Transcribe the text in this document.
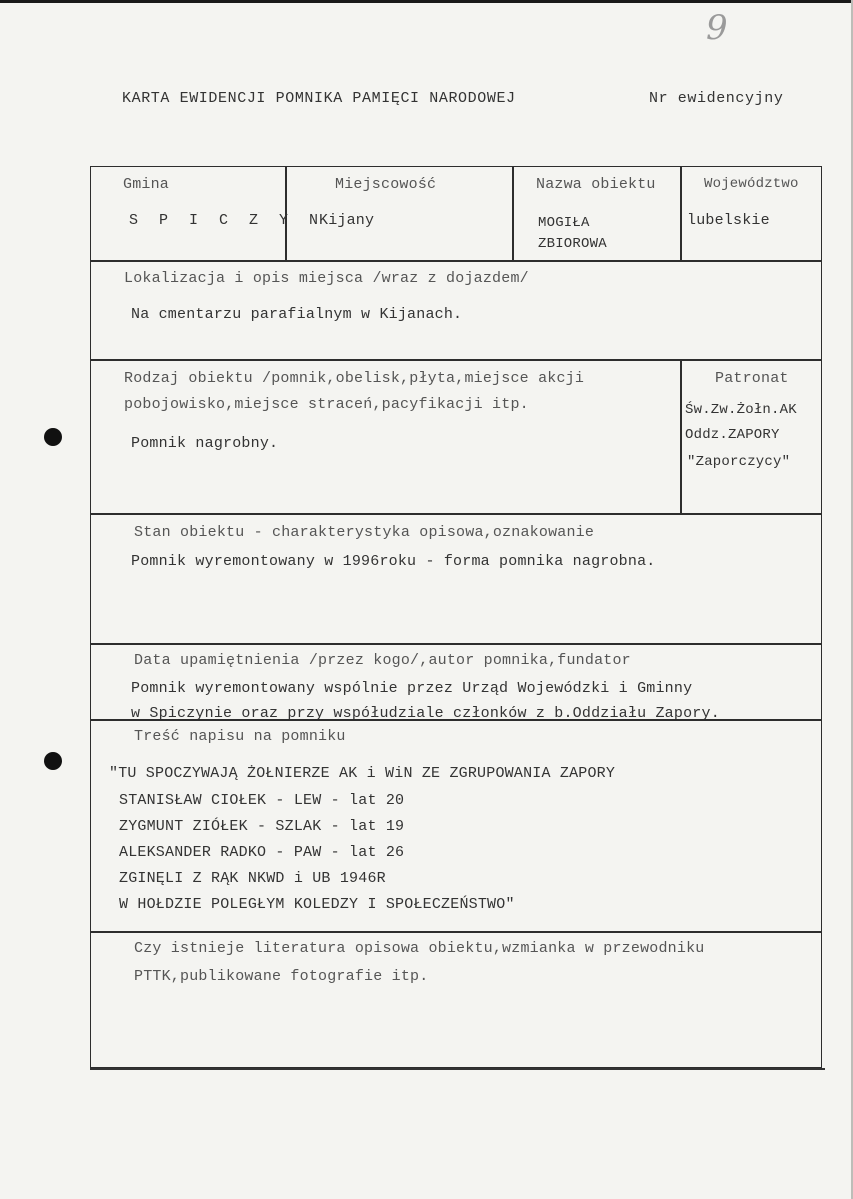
9
KARTA EWIDENCJI POMNIKA PAMIĘCI NARODOWEJ	Nr ewidencyjny
Gmina
S P I C Z Y N
Miejscowość
Kijany
Nazwa obiektu
MOGIŁA
ZBIOROWA
Województwo
lubelskie
Lokalizacja i opis miejsca /wraz z dojazdem/
Na cmentarzu parafialnym w Kijanach.
Rodzaj obiektu /pomnik,obelisk,płyta,miejsce akcji
pobojowisko,miejsce straceń,pacyfikacji itp.
Pomnik nagrobny.
Patronat
Św.Zw.Żołn.AK
Oddz.ZAPORY
"Zaporczycy"
Stan obiektu - charakterystyka opisowa,oznakowanie
Pomnik wyremontowany w 1996roku - forma pomnika nagrobna.
Data upamiętnienia /przez kogo/,autor pomnika,fundator
Pomnik wyremontowany wspólnie przez Urząd Wojewódzki i Gminny
w Spiczynie oraz przy współudziale członków z b.Oddziału Zapory.
Treść napisu na pomniku
"TU SPOCZYWAJĄ ŻOŁNIERZE AK i WiN ZE ZGRUPOWANIA ZAPORY
STANISŁAW CIOŁEK - LEW - lat 20
ZYGMUNT ZIÓŁEK - SZLAK - lat 19
ALEKSANDER RADKO - PAW - lat 26
ZGINĘLI Z RĄK NKWD i UB 1946R
W HOŁDZIE POLEGŁYM KOLEDZY I SPOŁECZEŃSTWO"
Czy istnieje literatura opisowa obiektu,wzmianka w przewodniku
PTTK,publikowane fotografie itp.
